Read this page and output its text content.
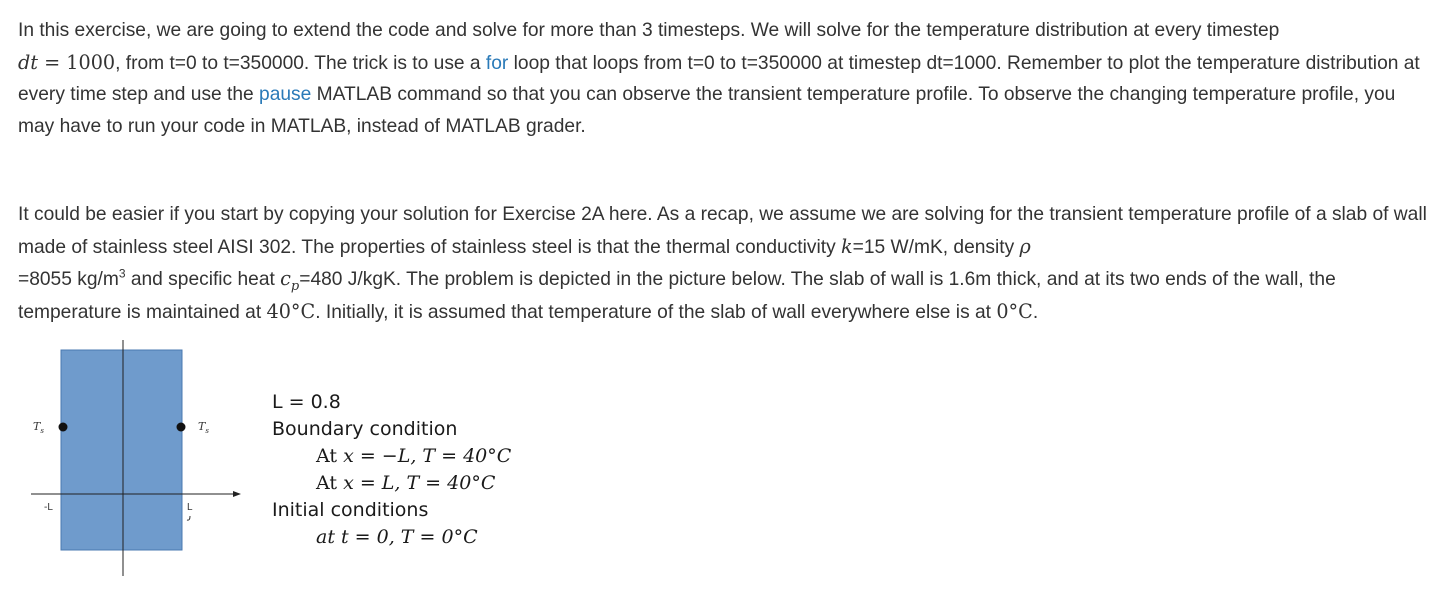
In this exercise, we are going to extend the code and solve for more than 3 timesteps. We will solve for the temperature distribution at every timestep
dt = 1000, from t=0 to t=350000. The trick is to use a for loop that loops from t=0 to t=350000 at timestep dt=1000. Remember to plot the temperature distribution at every time step and use the pause MATLAB command so that you can observe the transient temperature profile. To observe the changing temperature profile, you may have to run your code in MATLAB, instead of MATLAB grader.

It could be easier if you start by copying your solution for Exercise 2A here. As a recap, we assume we are solving for the transient temperature profile of a slab of wall made of stainless steel AISI 302. The properties of stainless steel is that the thermal conductivity k=15 W/mK, density ρ
=8055 $kg/m^3$ and specific heat $c_p=480$ J/kgK. The problem is depicted in the picture below. The slab of wall is 1.6m thick, and at its two ends of the wall, the temperature is maintained at 40°C. Initially, it is assumed that temperature of the slab of wall everywhere else is at 0°C.

$T_s$	$T_s$
-L	L
L = 0.8
Boundary condition
At x = −L, T = 40°C
At x = L, T = 40°C
Initial conditions
at t = 0, T = 0°C
